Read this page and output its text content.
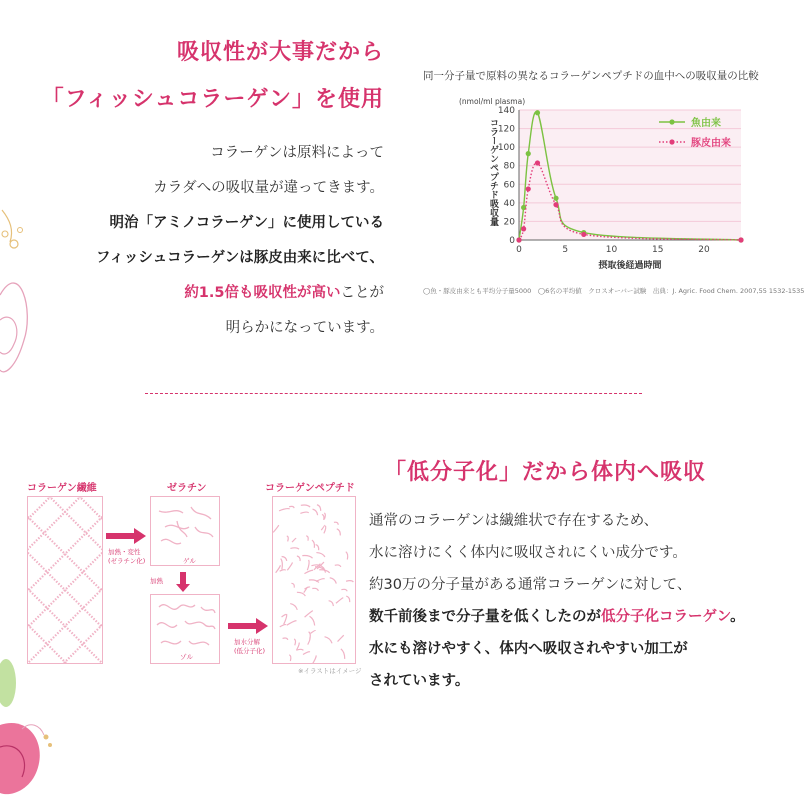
吸収性が大事だから
「フィッシュコラーゲン」を使用
コラーゲンは原料によって
カラダへの吸収量が違ってきます。
明治「アミノコラーゲン」に使用している
フィッシュコラーゲンは豚皮由来に比べて、
約1.5倍も吸収性が高いことが
明らかになっています。
同一分子量で原料の異なるコラーゲンペプチドの血中への吸収量の比較
0
20
40
60
80
100
120
140
0	5	10	15	20
(nmol/ml plasma)
摂取後経過時間
コラーゲンペプチド吸収量	魚由来
豚皮由来
◯魚・豚皮由来とも平均分子量5000　◯6名の平均値　クロスオーバー試験　出典：J. Agric. Food Chem. 2007,55 1532-1535
「低分子化」だから体内へ吸収
通常のコラーゲンは繊維状で存在するため、
水に溶けにくく体内に吸収されにくい成分です。
約30万の分子量がある通常コラーゲンに対して、
数千前後まで分子量を低くしたのが低分子化コラーゲン。
水にも溶けやすく、体内へ吸収されやすい加工が
されています。
コラーゲン繊維	ゼラチン	コラーゲンペプチド
加熱・変性
(ゼラチン化)	ゲル
加熱
ゾル
加水分解
(低分子化)
※イラストはイメージ
